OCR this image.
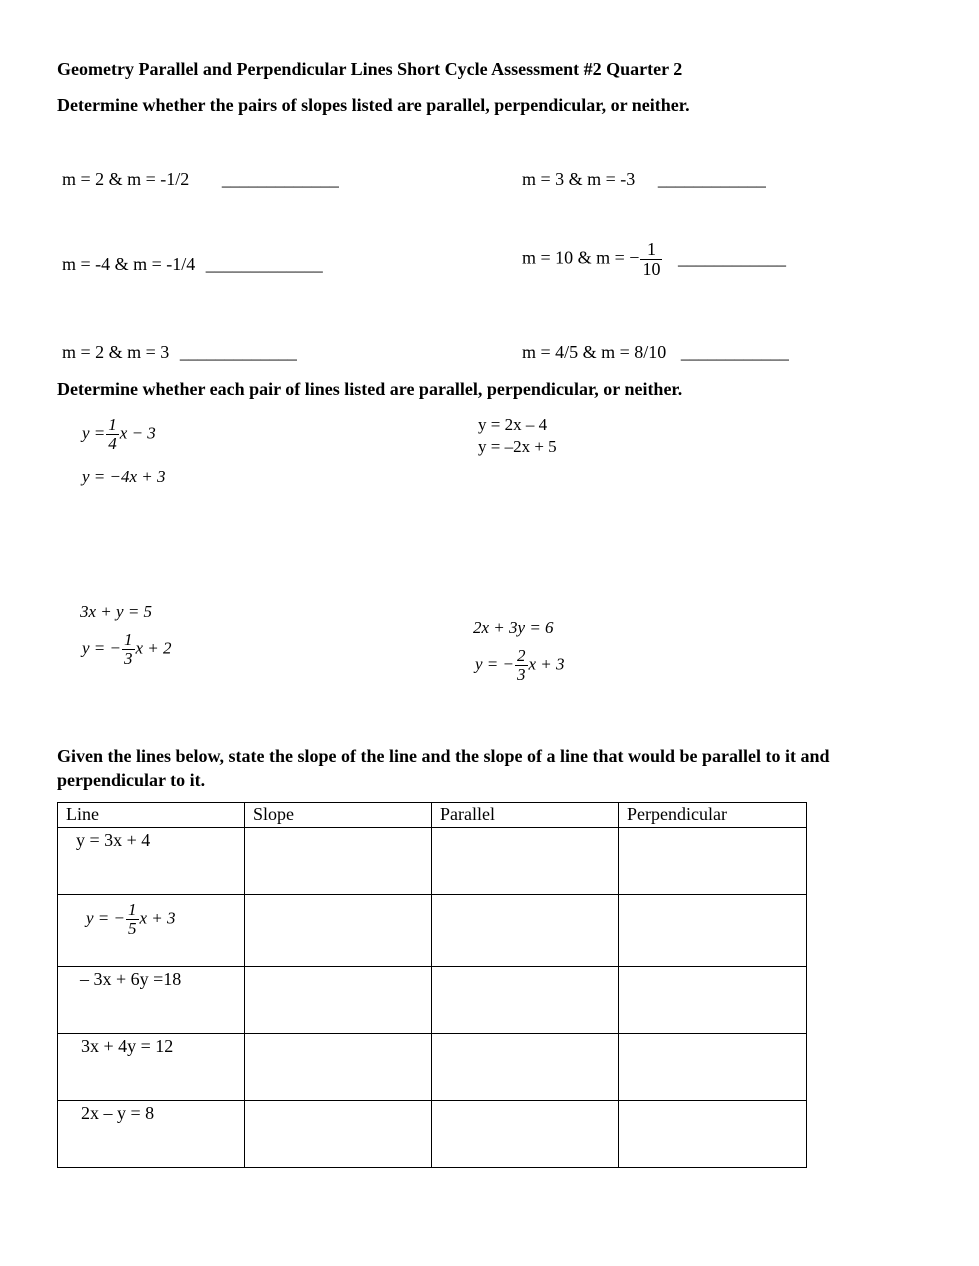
Geometry Parallel and Perpendicular Lines Short Cycle Assessment #2 Quarter 2
Determine whether the pairs of slopes listed are parallel, perpendicular, or neither.
m = 2 & m = -1/2 _____________	m = 3 & m = -3 ____________
m = -4 & m = -1/4 _____________	m = 10 & m = − $\frac{1}{10}$ ____________
m = 2 & m = 3 _____________	m = 4/5 & m = 8/10 ____________
Determine whether each pair of lines listed are parallel, perpendicular, or neither.
$y = \frac{1}{4}$ x − 3
y = −4x + 3
y = 2x – 4
y = –2x + 5
3x + y = 5
y = − $\frac{1}{3}$ x + 2
2x + 3y = 6
y = − $\frac{2}{3}$ x + 3
Given the lines below, state the slope of the line and the slope of a line that would be parallel to it and
perpendicular to it.
Line	Slope	Parallel	Perpendicular

y = 3x + 4			

y = − $\frac{1}{5}$ x + 3			

– 3x + 6y =18			

3x + 4y = 12			

2x – y = 8			
